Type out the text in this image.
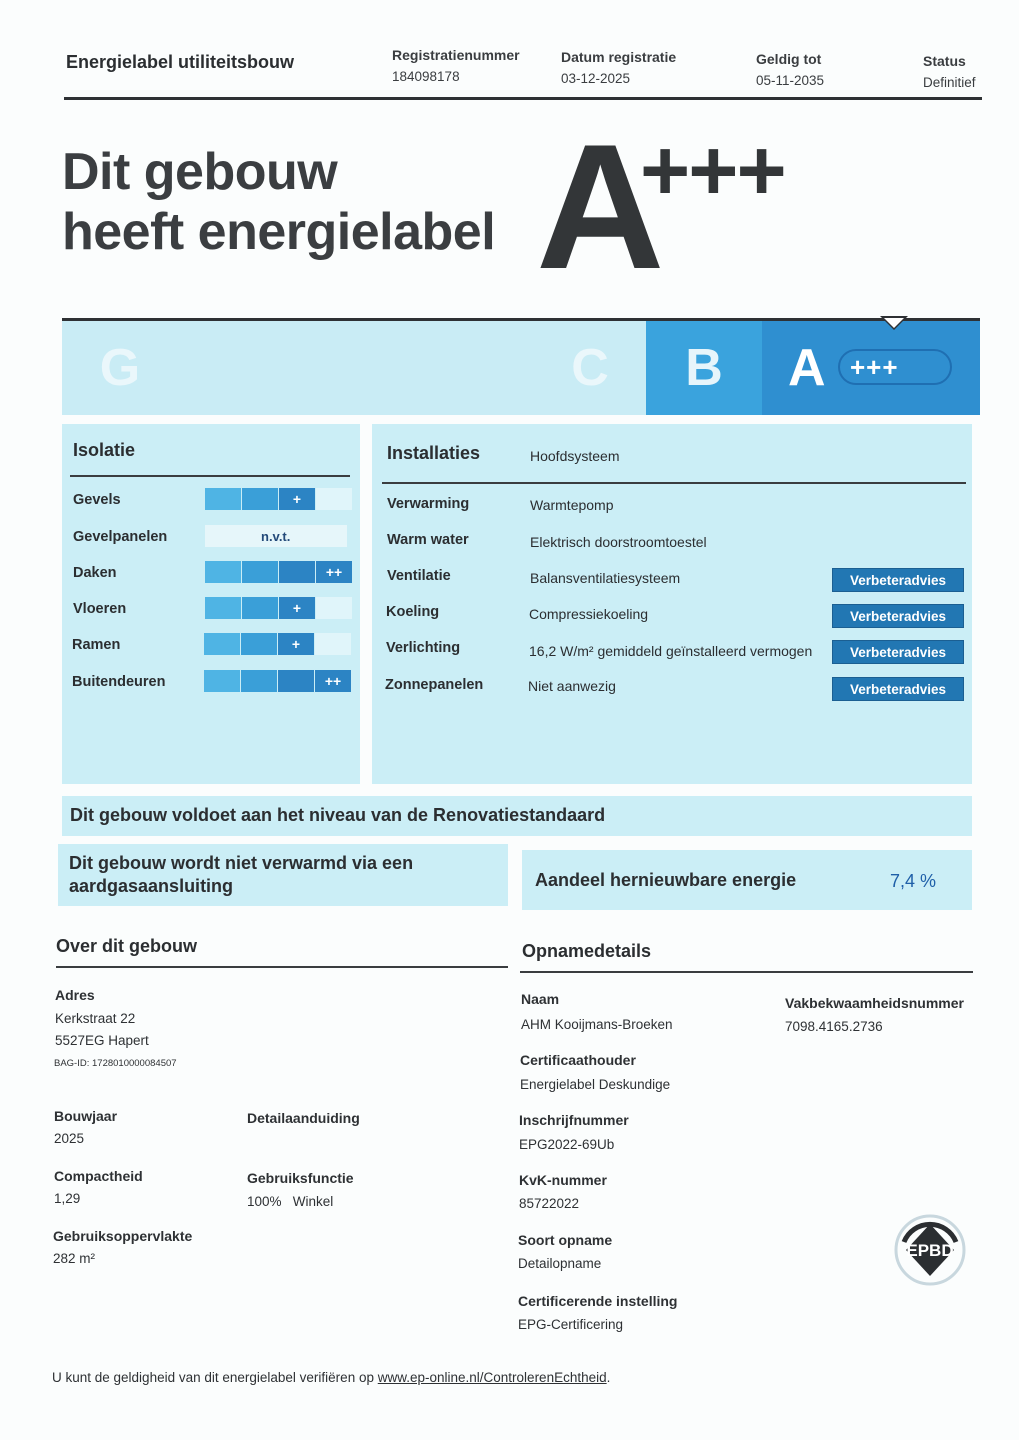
Energielabel utiliteitsbouw	Registratienummer
184098178
Datum registratie
03-12-2025
Geldig tot
05-11-2035
Status
Definitief
Dit gebouw
heeft energielabel A
+++
G	C	B	A +++
Isolatie
Gevels	+
Gevelpanelen	n.v.t.
Daken	++
Vloeren	+
Ramen	+
Buitendeuren	++
Installaties	Hoofdsysteem
Verwarming	Warmtepomp
Warm water	Elektrisch doorstroomtoestel
Ventilatie	Balansventilatiesysteem	Verbeteradvies
Koeling	Compressiekoeling	Verbeteradvies
Verlichting	16,2 W/m² gemiddeld geïnstalleerd vermogen	Verbeteradvies
Zonnepanelen	Niet aanwezig	Verbeteradvies
Dit gebouw voldoet aan het niveau van de Renovatiestandaard
Dit gebouw wordt niet verwarmd via een
aardgasaansluiting	Aandeel hernieuwbare energie	7,4 %
Over dit gebouw
Adres
Kerkstraat 22
5527EG Hapert
BAG-ID: 1728010000084507
Bouwjaar
2025
Detailaanduiding
Compactheid
1,29
Gebruiksfunctie
100%   Winkel
Gebruiksoppervlakte
282 m²
Opnamedetails
Naam
AHM Kooijmans-Broeken
Vakbekwaamheidsnummer
7098.4165.2736
Certificaathouder
Energielabel Deskundige
Inschrijfnummer
EPG2022-69Ub
KvK-nummer
85722022
Soort opname
Detailopname
Certificerende instelling
EPG-Certificering
EPBD
U kunt de geldigheid van dit energielabel verifiëren op www.ep-online.nl/ControlerenEchtheid.
